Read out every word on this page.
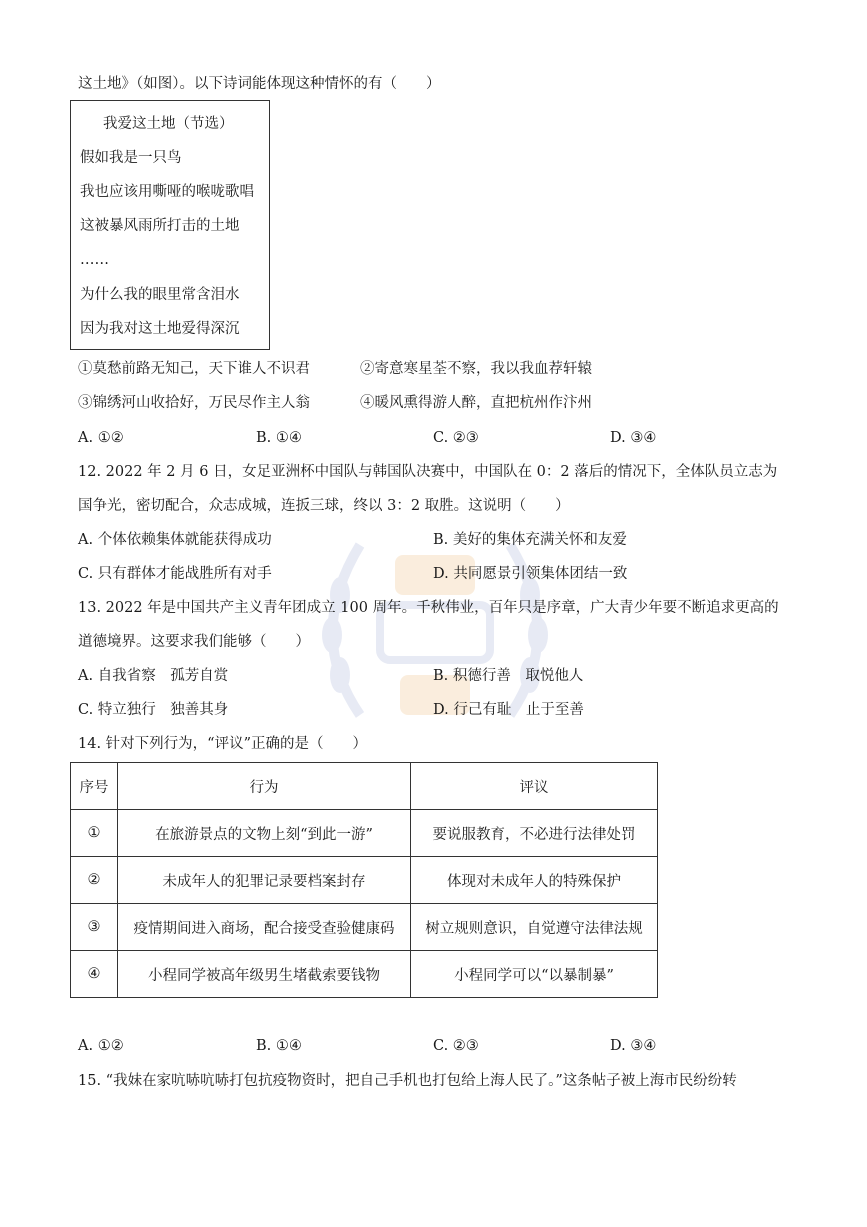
这土地》（如图）。以下诗词能体现这种情怀的有（　　）
我爱这土地（节选）
假如我是一只鸟
我也应该用嘶哑的喉咙歌唱
这被暴风雨所打击的土地
……
为什么我的眼里常含泪水
因为我对这土地爱得深沉
①莫愁前路无知己，天下谁人不识君	②寄意寒星荃不察，我以我血荐轩辕
③锦绣河山收拾好，万民尽作主人翁	④暖风熏得游人醉，直把杭州作汴州
A. ①②	B. ①④	C. ②③	D. ③④
12. 2022 年 2 月 6 日，女足亚洲杯中国队与韩国队决赛中，中国队在 0：2 落后的情况下，全体队员立志为
国争光，密切配合，众志成城，连扳三球，终以 3：2 取胜。这说明（　　）
A. 个体依赖集体就能获得成功	B. 美好的集体充满关怀和友爱
C. 只有群体才能战胜所有对手	D. 共同愿景引领集体团结一致
13. 2022 年是中国共产主义青年团成立 100 周年。千秋伟业，百年只是序章，广大青少年要不断追求更高的
道德境界。这要求我们能够（　　）
A. 自我省察　孤芳自赏	B. 积德行善　取悦他人
C. 特立独行　独善其身	D. 行己有耻　止于至善
14. 针对下列行为，“评议”正确的是（　　）
序号	行为	评议
①	在旅游景点的文物上刻“到此一游”	要说服教育，不必进行法律处罚
②	未成年人的犯罪记录要档案封存	体现对未成年人的特殊保护
③	疫情期间进入商场，配合接受查验健康码	树立规则意识，自觉遵守法律法规
④	小程同学被高年级男生堵截索要钱物	小程同学可以“以暴制暴”
A. ①②	B. ①④	C. ②③	D. ③④
15. “我妹在家吭哧吭哧打包抗疫物资时，把自己手机也打包给上海人民了。”这条帖子被上海市民纷纷转
